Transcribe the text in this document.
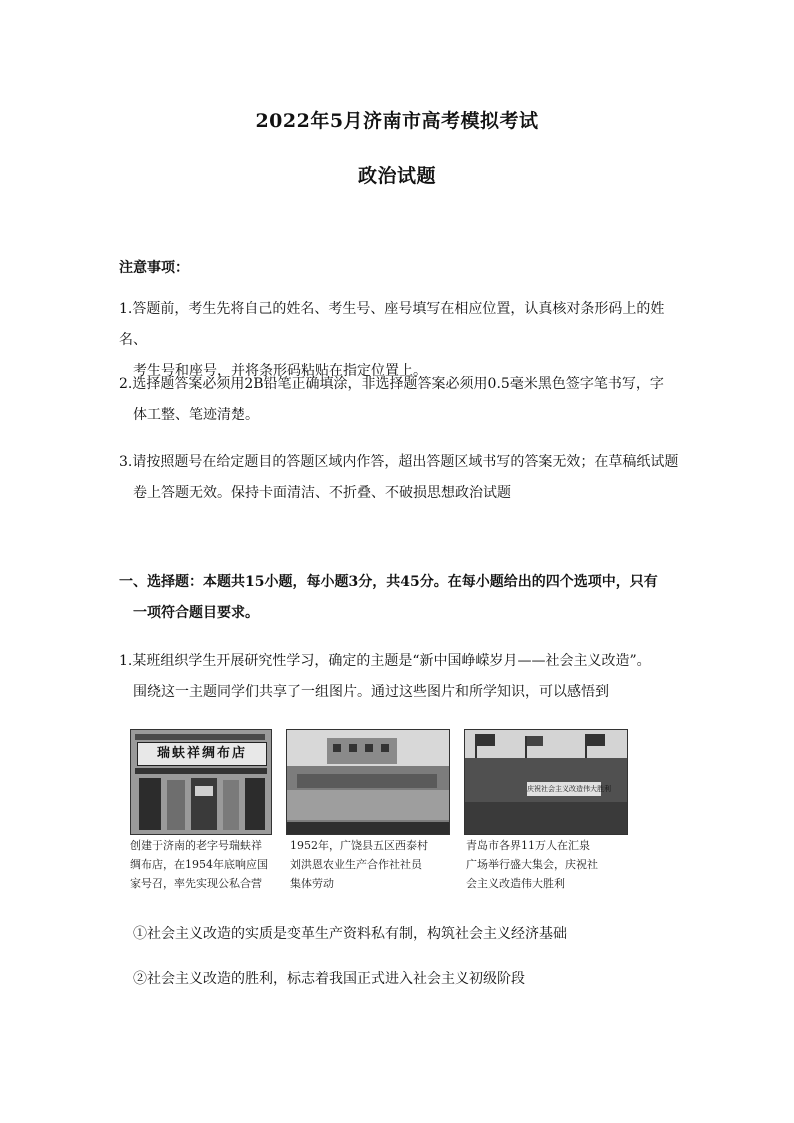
2022年5月济南市高考模拟考试
政治试题
注意事项：
1.答题前，考生先将自己的姓名、考生号、座号填写在相应位置，认真核对条形码上的姓名、
考生号和座号，并将条形码粘贴在指定位置上。
2.选择题答案必须用2B铅笔正确填涂，非选择题答案必须用0.5毫米黑色签字笔书写，字
体工整、笔迹清楚。
3.请按照题号在给定题目的答题区域内作答，超出答题区域书写的答案无效；在草稿纸试题
卷上答题无效。保持卡面清洁、不折叠、不破损思想政治试题
一、选择题：本题共15小题，每小题3分，共45分。在每小题给出的四个选项中，只有
一项符合题目要求。
1.某班组织学生开展研究性学习，确定的主题是“新中国峥嵘岁月——社会主义改造”。
围绕这一主题同学们共享了一组图片。通过这些图片和所学知识，可以感悟到
瑞蚨祥绸布店
创建于济南的老字号瑞蚨祥
绸布店，在1954年底响应国
家号召，率先实现公私合营
1952年，广饶县五区西泰村
刘洪恩农业生产合作社社员
集体劳动
庆祝社会主义改造伟大胜利
青岛市各界11万人在汇泉
广场举行盛大集会，庆祝社
会主义改造伟大胜利
①社会主义改造的实质是变革生产资料私有制，构筑社会主义经济基础
②社会主义改造的胜利，标志着我国正式进入社会主义初级阶段
